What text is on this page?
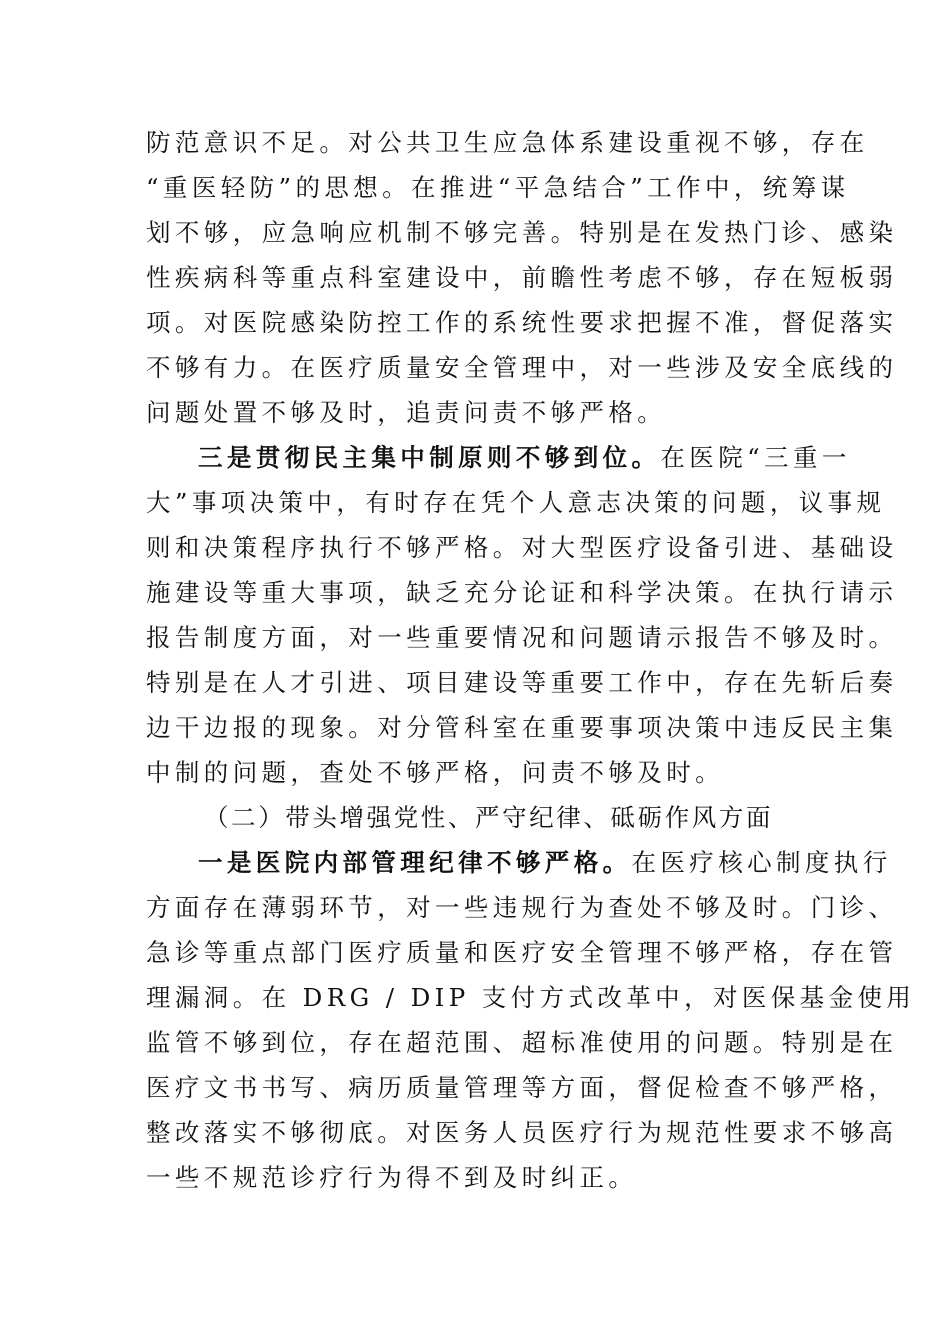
防范意识不足。对公共卫生应急体系建设重视不够，存在
“重医轻防”的思想。在推进“平急结合”工作中，统筹谋
划不够，应急响应机制不够完善。特别是在发热门诊、感染
性疾病科等重点科室建设中，前瞻性考虑不够，存在短板弱
项。对医院感染防控工作的系统性要求把握不准，督促落实
不够有力。在医疗质量安全管理中，对一些涉及安全底线的
问题处置不够及时，追责问责不够严格。
三是贯彻民主集中制原则不够到位。在医院“三重一
大”事项决策中，有时存在凭个人意志决策的问题，议事规
则和决策程序执行不够严格。对大型医疗设备引进、基础设
施建设等重大事项，缺乏充分论证和科学决策。在执行请示
报告制度方面，对一些重要情况和问题请示报告不够及时。
特别是在人才引进、项目建设等重要工作中，存在先斩后奏
边干边报的现象。对分管科室在重要事项决策中违反民主集
中制的问题，查处不够严格，问责不够及时。
（二）带头增强党性、严守纪律、砥砺作风方面
一是医院内部管理纪律不够严格。在医疗核心制度执行
方面存在薄弱环节，对一些违规行为查处不够及时。门诊、
急诊等重点部门医疗质量和医疗安全管理不够严格，存在管
理漏洞。在 DRG / DIP 支付方式改革中，对医保基金使用
监管不够到位，存在超范围、超标准使用的问题。特别是在
医疗文书书写、病历质量管理等方面，督促检查不够严格，
整改落实不够彻底。对医务人员医疗行为规范性要求不够高
一些不规范诊疗行为得不到及时纠正。
